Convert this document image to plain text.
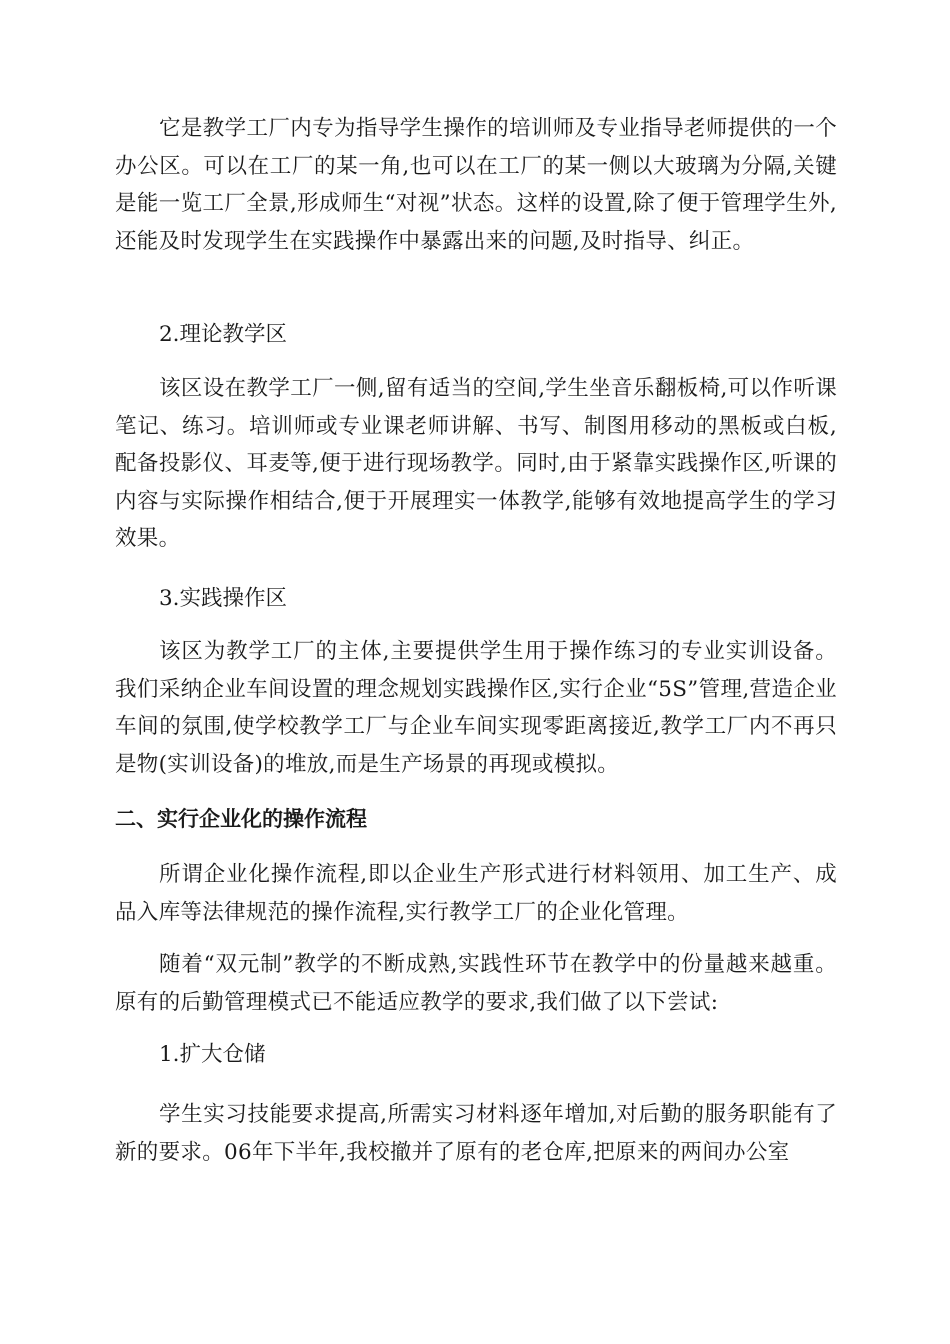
它是教学工厂内专为指导学生操作的培训师及专业指导老师提供的一个办公区。可以在工厂的某一角,也可以在工厂的某一侧以大玻璃为分隔,关键是能一览工厂全景,形成师生“对视”状态。这样的设置,除了便于管理学生外,还能及时发现学生在实践操作中暴露出来的问题,及时指导、纠正。

2.理论教学区

该区设在教学工厂一侧,留有适当的空间,学生坐音乐翻板椅,可以作听课笔记、练习。培训师或专业课老师讲解、书写、制图用移动的黑板或白板,配备投影仪、耳麦等,便于进行现场教学。同时,由于紧靠实践操作区,听课的内容与实际操作相结合,便于开展理实一体教学,能够有效地提高学生的学习效果。

3.实践操作区

该区为教学工厂的主体,主要提供学生用于操作练习的专业实训设备。我们采纳企业车间设置的理念规划实践操作区,实行企业“5S”管理,营造企业车间的氛围,使学校教学工厂与企业车间实现零距离接近,教学工厂内不再只是物(实训设备)的堆放,而是生产场景的再现或模拟。

二、实行企业化的操作流程

所谓企业化操作流程,即以企业生产形式进行材料领用、加工生产、成品入库等法律规范的操作流程,实行教学工厂的企业化管理。

随着“双元制”教学的不断成熟,实践性环节在教学中的份量越来越重。原有的后勤管理模式已不能适应教学的要求,我们做了以下尝试:

1.扩大仓储

学生实习技能要求提高,所需实习材料逐年增加,对后勤的服务职能有了新的要求。06年下半年,我校撤并了原有的老仓库,把原来的两间办公室
